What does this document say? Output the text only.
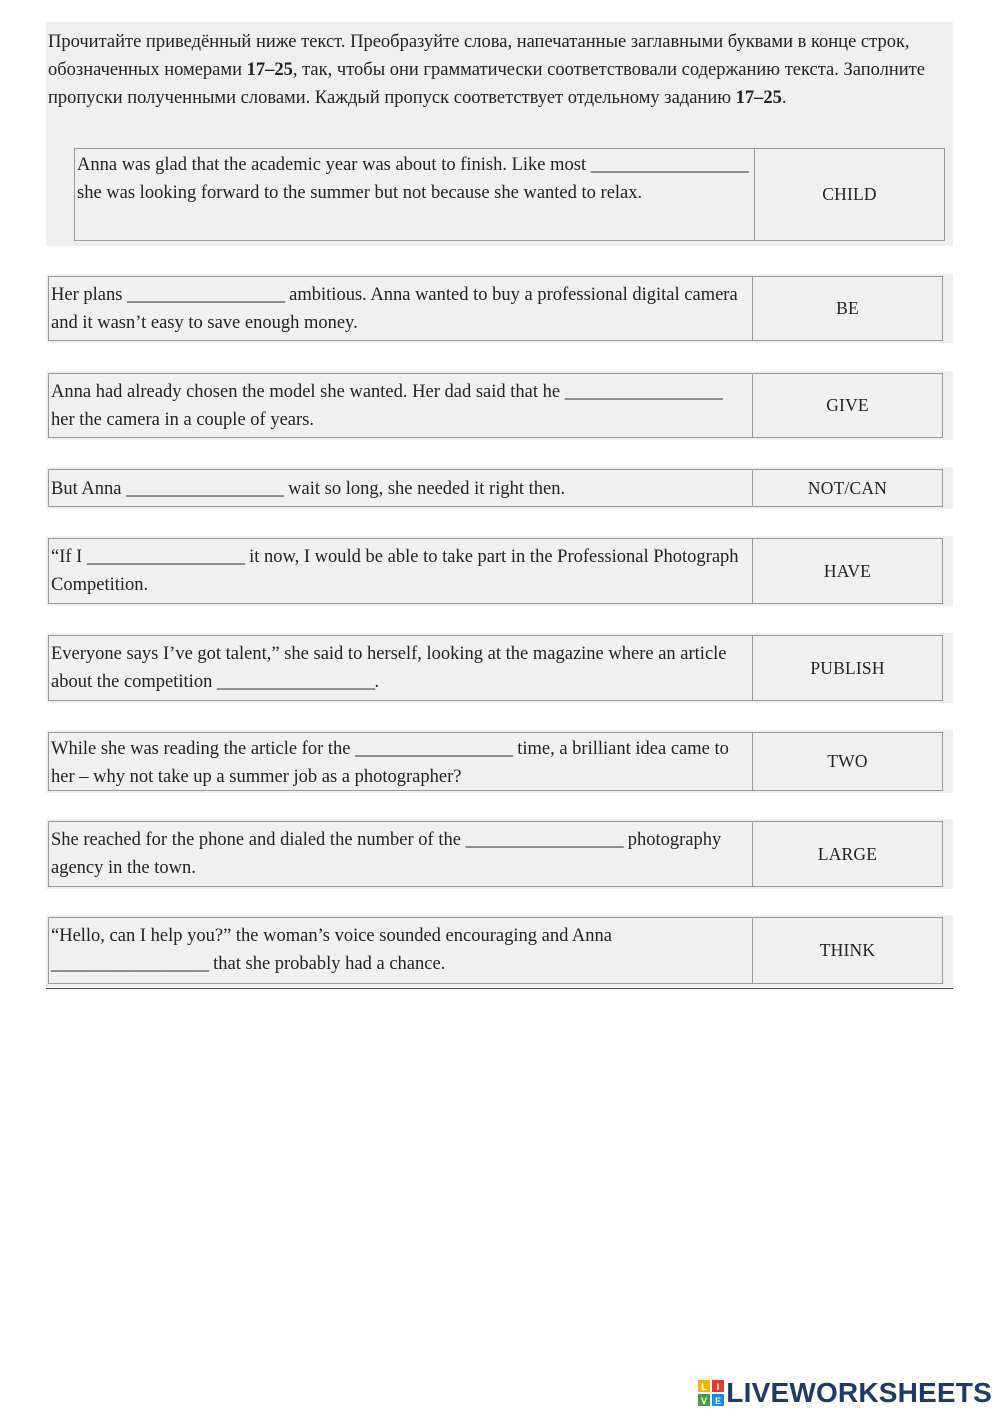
Прочитайте приведённый ниже текст. Преобразуйте слова, напечатанные заглавными буквами в конце строк, обозначенных номерами 17–25, так, чтобы они грамматически соответствовали содержанию текста. Заполните пропуски полученными словами. Каждый пропуск соответствует отдельному заданию 17–25.
Anna was glad that the academic year was about to finish. Like most __________________ she was looking forward to the summer but not because she wanted to relax.	CHILD
Her plans __________________ ambitious. Anna wanted to buy a professional digital camera and it wasn’t easy to save enough money.
BE
Anna had already chosen the model she wanted. Her dad said that he __________________ her the camera in a couple of years.
GIVE
But Anna __________________ wait so long, she needed it right then.	NOT/CAN
“If I __________________ it now, I would be able to take part in the Professional Photograph Competition.
HAVE
Everyone says I’ve got talent,” she said to herself, looking at the magazine where an article about the competition __________________.
PUBLISH
While she was reading the article for the __________________ time, a brilliant idea came to her – why not take up a summer job as a photographer?
TWO
She reached for the phone and dialed the number of the __________________ photography agency in the town.
LARGE
“Hello, can I help you?” the woman’s voice sounded encouraging and Anna __________________ that she probably had a chance.
THINK
L I
V E LIVEWORKSHEETS
